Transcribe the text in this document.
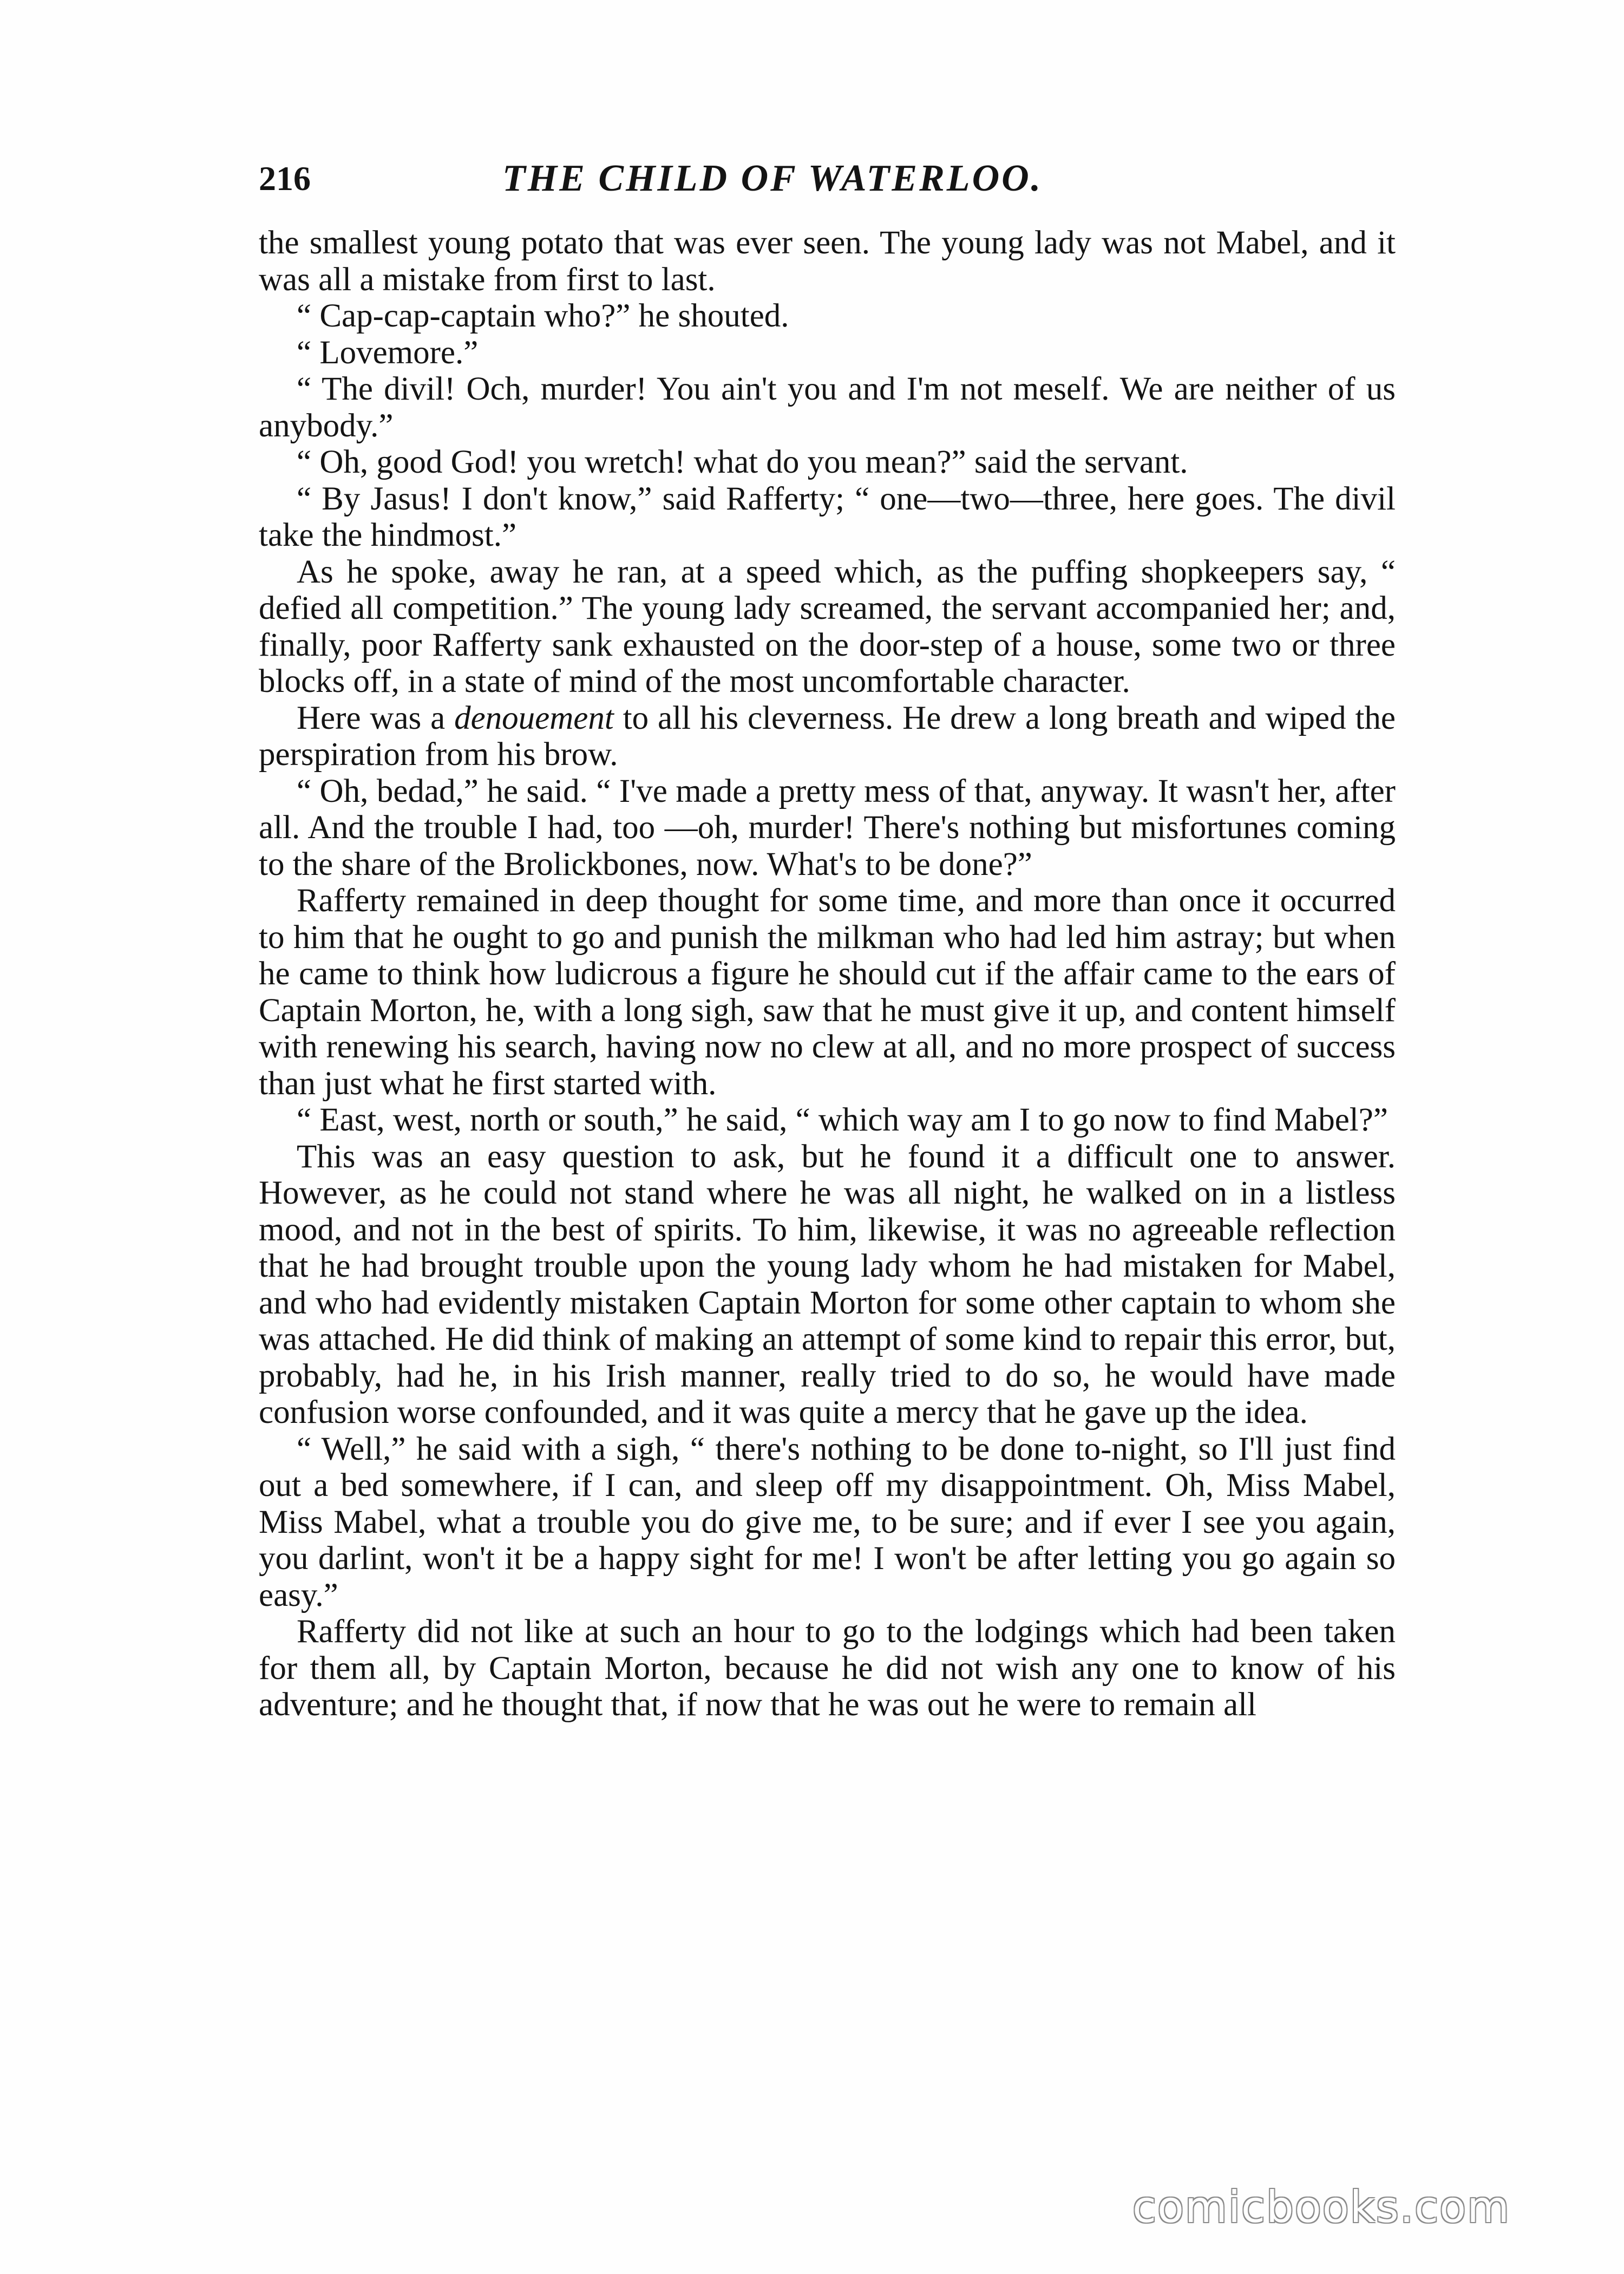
216	THE CHILD OF WATERLOO.

the smallest young potato that was ever seen. The young lady was not Mabel, and it was all a mistake from first to last.

“ Cap-cap-captain who?” he shouted.

“ Lovemore.”

“ The divil! Och, murder! You ain't you and I'm not meself. We are neither of us anybody.”

“ Oh, good God! you wretch! what do you mean?” said the servant.

“ By Jasus! I don't know,” said Rafferty; “ one—two—three, here goes. The divil take the hindmost.”

As he spoke, away he ran, at a speed which, as the puffing shopkeepers say, “ defied all competition.” The young lady screamed, the servant accompanied her; and, finally, poor Rafferty sank exhausted on the door-step of a house, some two or three blocks off, in a state of mind of the most uncomfortable character.

Here was a denouement to all his cleverness. He drew a long breath and wiped the perspiration from his brow.

“ Oh, bedad,” he said. “ I've made a pretty mess of that, anyway. It wasn't her, after all. And the trouble I had, too —oh, murder! There's nothing but misfortunes coming to the share of the Brolickbones, now. What's to be done?”

Rafferty remained in deep thought for some time, and more than once it occurred to him that he ought to go and punish the milkman who had led him astray; but when he came to think how ludicrous a figure he should cut if the affair came to the ears of Captain Morton, he, with a long sigh, saw that he must give it up, and content himself with renewing his search, having now no clew at all, and no more prospect of success than just what he first started with.

“ East, west, north or south,” he said, “ which way am I to go now to find Mabel?”

This was an easy question to ask, but he found it a difficult one to answer. However, as he could not stand where he was all night, he walked on in a listless mood, and not in the best of spirits. To him, likewise, it was no agreeable reflection that he had brought trouble upon the young lady whom he had mistaken for Mabel, and who had evidently mistaken Captain Morton for some other captain to whom she was attached. He did think of making an attempt of some kind to repair this error, but, probably, had he, in his Irish manner, really tried to do so, he would have made confusion worse confounded, and it was quite a mercy that he gave up the idea.

“ Well,” he said with a sigh, “ there's nothing to be done to-night, so I'll just find out a bed somewhere, if I can, and sleep off my disappointment. Oh, Miss Mabel, Miss Mabel, what a trouble you do give me, to be sure; and if ever I see you again, you darlint, won't it be a happy sight for me! I won't be after letting you go again so easy.”

Rafferty did not like at such an hour to go to the lodgings which had been taken for them all, by Captain Morton, because he did not wish any one to know of his adventure; and he thought that, if now that he was out he were to remain all

comicbooks.com
